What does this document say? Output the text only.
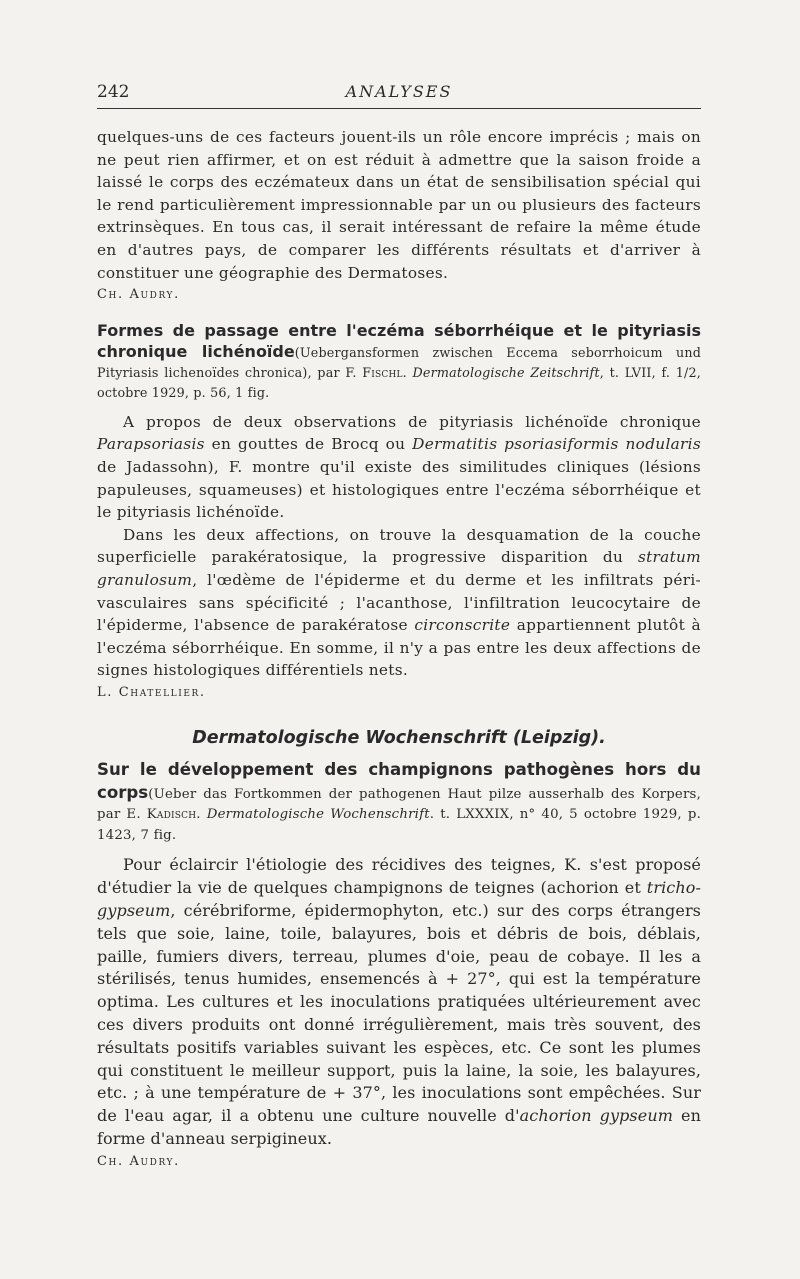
242	ANALYSES

quelques-uns de ces facteurs jouent-ils un rôle encore imprécis ; mais on ne peut rien affirmer, et on est réduit à admettre que la saison froide a laissé le corps des eczémateux dans un état de sensibilisation spécial qui le rend particulièrement impressionnable par un ou plusieurs des facteurs extrinsèques. En tous cas, il serait intéressant de refaire la même étude en d'autres pays, de comparer les différents résultats et d'arriver à constituer une géographie des Dermatoses.

Ch. Audry.

Formes de passage entre l'eczéma séborrhéique et le pityriasis chronique lichénoïde(Uebergansformen zwischen Eccema seborrhoicum und Pityriasis lichenoïdes chronica), par F. Fischl. Dermatologische Zeitschrift, t. LVII, f. 1/2, octobre 1929, p. 56, 1 fig.

A propos de deux observations de pityriasis lichénoïde chronique Parapsoriasis en gouttes de Brocq ou Dermatitis psoriasiformis nodularis de Jadassohn), F. montre qu'il existe des similitudes cliniques (lésions papuleuses, squameuses) et histologiques entre l'eczéma séborrhéique et le pityriasis lichénoïde.

Dans les deux affections, on trouve la desquamation de la couche superficielle parakératosique, la progressive disparition du stratum granulosum, l'œdème de l'épiderme et du derme et les infiltrats péri-vasculaires sans spécificité ; l'acanthose, l'infiltration leucocytaire de l'épiderme, l'absence de parakératose circonscrite appartiennent plutôt à l'eczéma séborrhéique. En somme, il n'y a pas entre les deux affections de signes histologiques différentiels nets.

L. Chatellier.

Dermatologische Wochenschrift (Leipzig).

Sur le développement des champignons pathogènes hors du corps(Ueber das Fortkommen der pathogenen Haut pilze ausserhalb des Korpers, par E. Kadisch. Dermatologische Wochenschrift. t. LXXXIX, n° 40, 5 octobre 1929, p. 1423, 7 fig.

Pour éclaircir l'étiologie des récidives des teignes, K. s'est proposé d'étudier la vie de quelques champignons de teignes (achorion et tricho-gypseum, cérébriforme, épidermophyton, etc.) sur des corps étrangers tels que soie, laine, toile, balayures, bois et débris de bois, déblais, paille, fumiers divers, terreau, plumes d'oie, peau de cobaye. Il les a stérilisés, tenus humides, ensemencés à + 27°, qui est la température optima. Les cultures et les inoculations pratiquées ultérieurement avec ces divers produits ont donné irrégulièrement, mais très souvent, des résultats positifs variables suivant les espèces, etc. Ce sont les plumes qui constituent le meilleur support, puis la laine, la soie, les balayures, etc. ; à une température de + 37°, les inoculations sont empêchées. Sur de l'eau agar, il a obtenu une culture nouvelle d'achorion gypseum en forme d'anneau serpigineux.

Ch. Audry.
